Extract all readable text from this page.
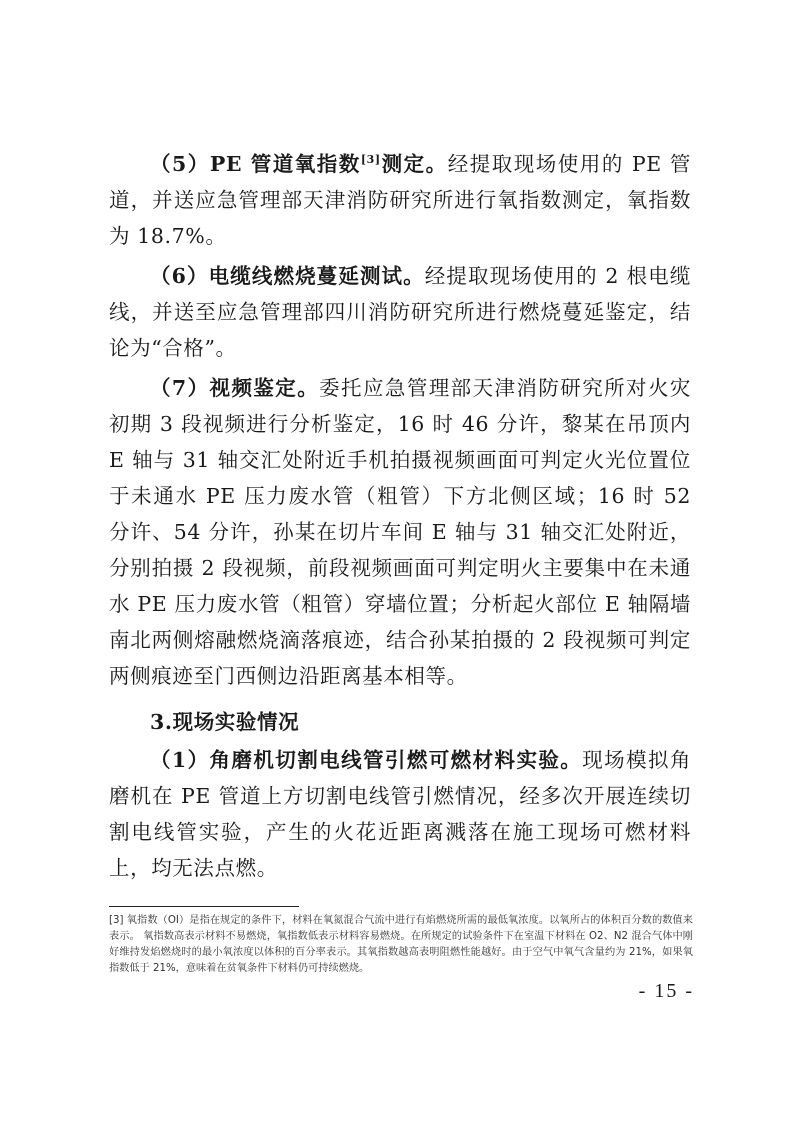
（5）PE 管道氧指数[3]测定。经提取现场使用的 PE 管道，并送应急管理部天津消防研究所进行氧指数测定，氧指数为 18.7%。

（6）电缆线燃烧蔓延测试。经提取现场使用的 2 根电缆线，并送至应急管理部四川消防研究所进行燃烧蔓延鉴定，结论为“合格”。

（7）视频鉴定。委托应急管理部天津消防研究所对火灾初期 3 段视频进行分析鉴定，16 时 46 分许，黎某在吊顶内 E 轴与 31 轴交汇处附近手机拍摄视频画面可判定火光位置位于未通水 PE 压力废水管（粗管）下方北侧区域；16 时 52 分许、54 分许，孙某在切片车间 E 轴与 31 轴交汇处附近，分别拍摄 2 段视频，前段视频画面可判定明火主要集中在未通水 PE 压力废水管（粗管）穿墙位置；分析起火部位 E 轴隔墙南北两侧熔融燃烧滴落痕迹，结合孙某拍摄的 2 段视频可判定两侧痕迹至门西侧边沿距离基本相等。

3.现场实验情况

（1）角磨机切割电线管引燃可燃材料实验。现场模拟角磨机在 PE 管道上方切割电线管引燃情况，经多次开展连续切割电线管实验，产生的火花近距离溅落在施工现场可燃材料上，均无法点燃。

[3] 氧指数（OI）是指在规定的条件下，材料在氧氮混合气流中进行有焰燃烧所需的最低氧浓度。以氧所占的体积百分数的数值来表示。 氧指数高表示材料不易燃烧，氧指数低表示材料容易燃烧。在所规定的试验条件下在室温下材料在 O2、N2 混合气体中刚好维持发焰燃烧时的最小氧浓度以体积的百分率表示。其氧指数越高表明阻燃性能越好。由于空气中氧气含量约为 21%，如果氧指数低于 21%，意味着在贫氧条件下材料仍可持续燃烧。

- 15 -
